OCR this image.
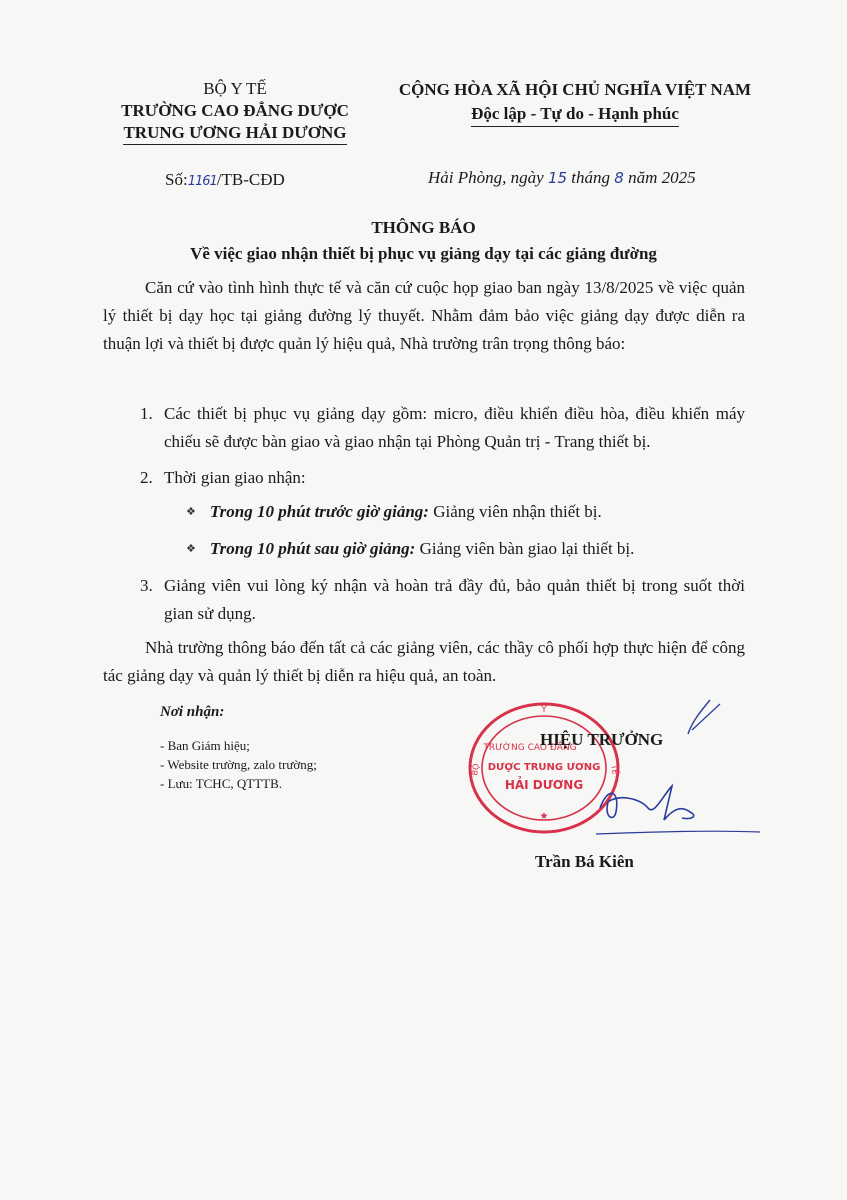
BỘ Y TẾ
TRƯỜNG CAO ĐẲNG DƯỢC
TRUNG ƯƠNG HẢI DƯƠNG
CỘNG HÒA XÃ HỘI CHỦ NGHĨA VIỆT NAM
Độc lập - Tự do - Hạnh phúc
Số:1161/TB-CĐD	Hải Phòng, ngày 15 tháng 8 năm 2025
THÔNG BÁO
Về việc giao nhận thiết bị phục vụ giảng dạy tại các giảng đường
Căn cứ vào tình hình thực tế và căn cứ cuộc họp giao ban ngày 13/8/2025 về việc quản lý thiết bị dạy học tại giảng đường lý thuyết. Nhằm đảm bảo việc giảng dạy được diễn ra thuận lợi và thiết bị được quản lý hiệu quả, Nhà trường trân trọng thông báo:
1. Các thiết bị phục vụ giảng dạy gồm: micro, điều khiển điều hòa, điều khiển máy chiếu sẽ được bàn giao và giao nhận tại Phòng Quản trị - Trang thiết bị.
2. Thời gian giao nhận:
❖ Trong 10 phút trước giờ giảng: Giảng viên nhận thiết bị.
❖ Trong 10 phút sau giờ giảng: Giảng viên bàn giao lại thiết bị.
3. Giảng viên vui lòng ký nhận và hoàn trả đầy đủ, bảo quản thiết bị trong suốt thời gian sử dụng.
Nhà trường thông báo đến tất cả các giảng viên, các thầy cô phối hợp thực hiện để công tác giảng dạy và quản lý thiết bị diễn ra hiệu quả, an toàn.
Nơi nhận:
- Ban Giám hiệu;
- Website trường, zalo trường;
- Lưu: TCHC, QTTTB.
Y
BỘ	TẾ
TRƯỜNG CAO ĐẲNG
DƯỢC TRUNG ƯƠNG
HẢI DƯƠNG
★
HIỆU TRƯỞNG
Trần Bá Kiên
